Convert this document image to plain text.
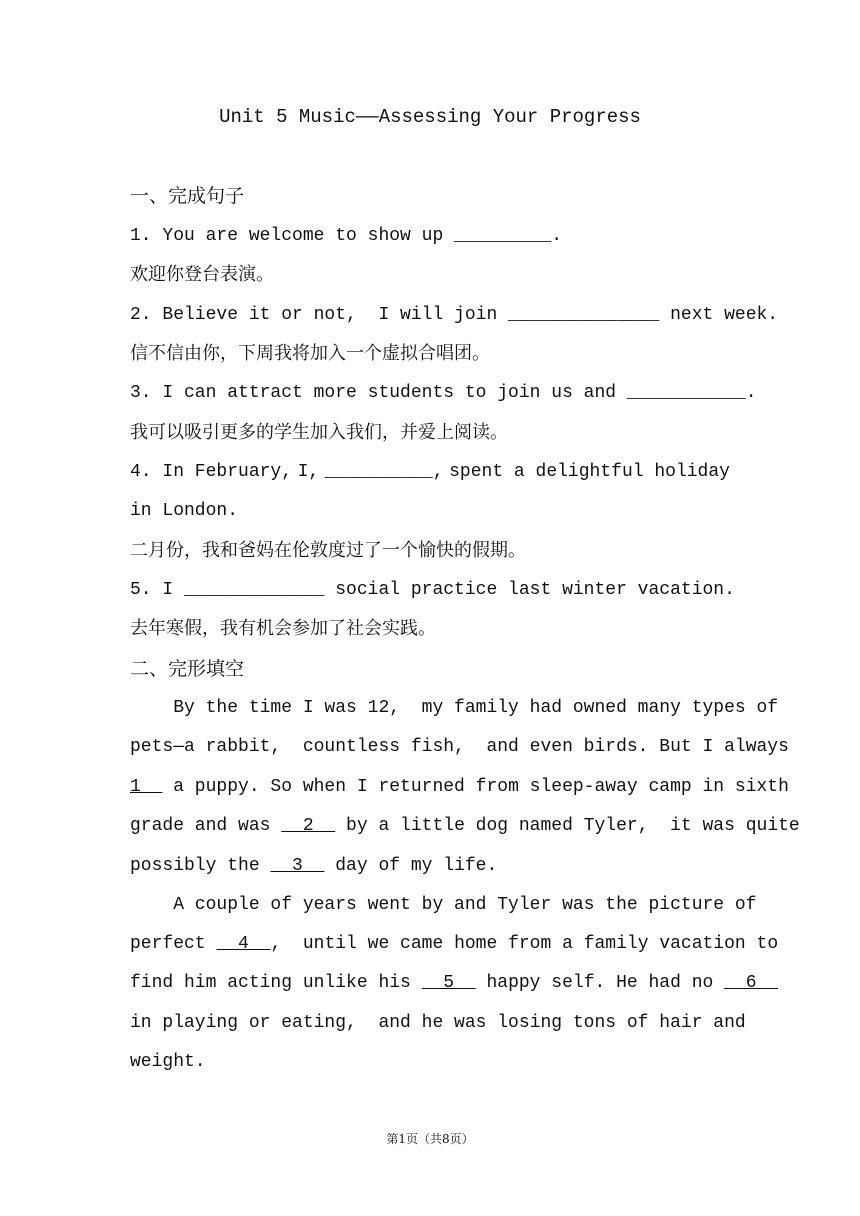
Unit 5 Music——Assessing Your Progress
一、完成句子
1. You are welcome to show up _________.
欢迎你登台表演。
2. Believe it or not,  I will join ______________ next week.
信不信由你，下周我将加入一个虚拟合唱团。
3. I can attract more students to join us and ___________.
我可以吸引更多的学生加入我们，并爱上阅读。
4. In February, I, __________, spent a delightful holiday
in London.
二月份，我和爸妈在伦敦度过了一个愉快的假期。
5. I _____________ social practice last winter vacation.
去年寒假，我有机会参加了社会实践。
二、完形填空
By the time I was 12,  my family had owned many types of
pets—a rabbit,  countless fish,  and even birds. But I always
1   a puppy. So when I returned from sleep-away camp in sixth
grade and was   2   by a little dog named Tyler,  it was quite
possibly the   3   day of my life.
A couple of years went by and Tyler was the picture of
perfect   4  ,  until we came home from a family vacation to
find him acting unlike his   5   happy self. He had no   6
in playing or eating,  and he was losing tons of hair and
weight.
第1页（共8页）
